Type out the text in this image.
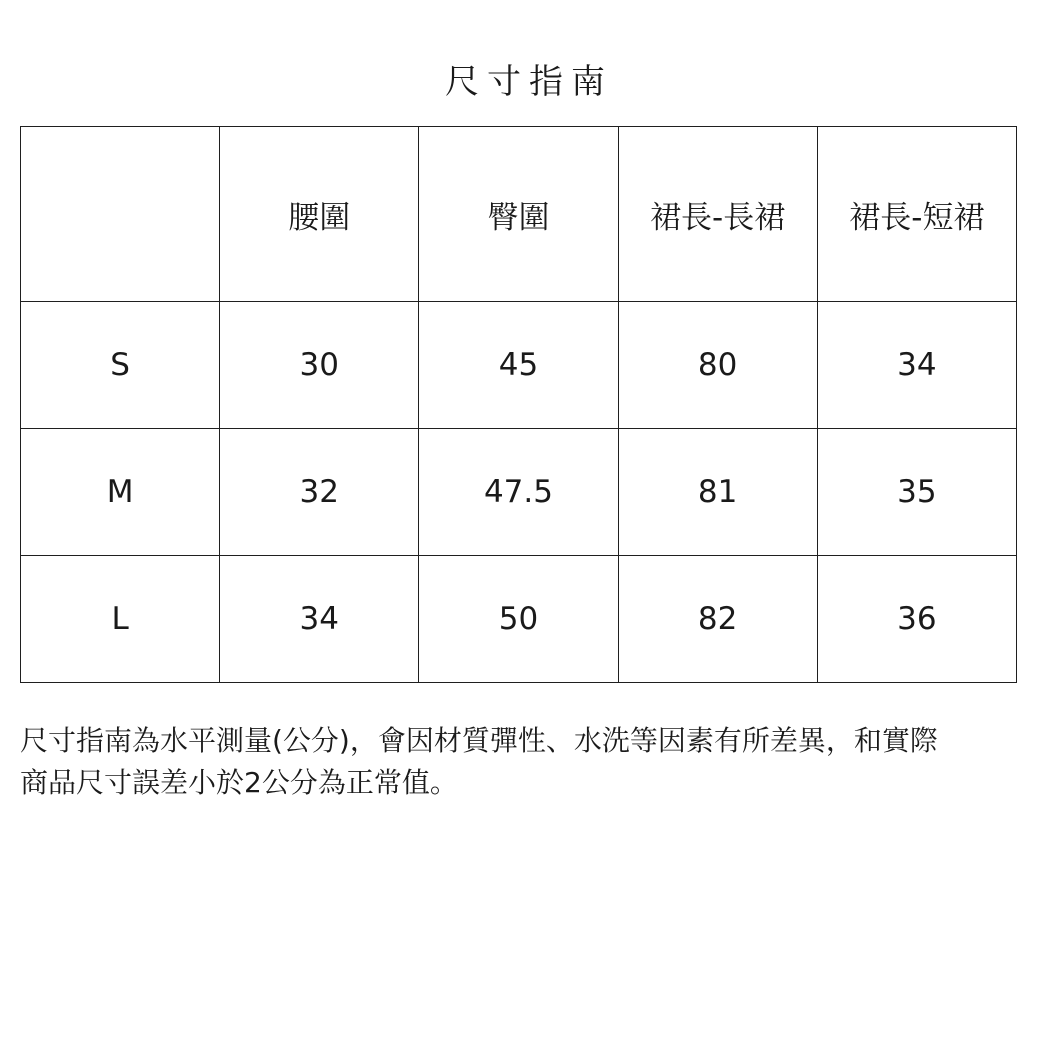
尺寸指南
	腰圍	臀圍	裙長-長裙	裙長-短裙
S	30	45	80	34
M	32	47.5	81	35
L	34	50	82	36
尺寸指南為水平測量(公分)，會因材質彈性、水洗等因素有所差異，和實際
商品尺寸誤差小於2公分為正常值。
